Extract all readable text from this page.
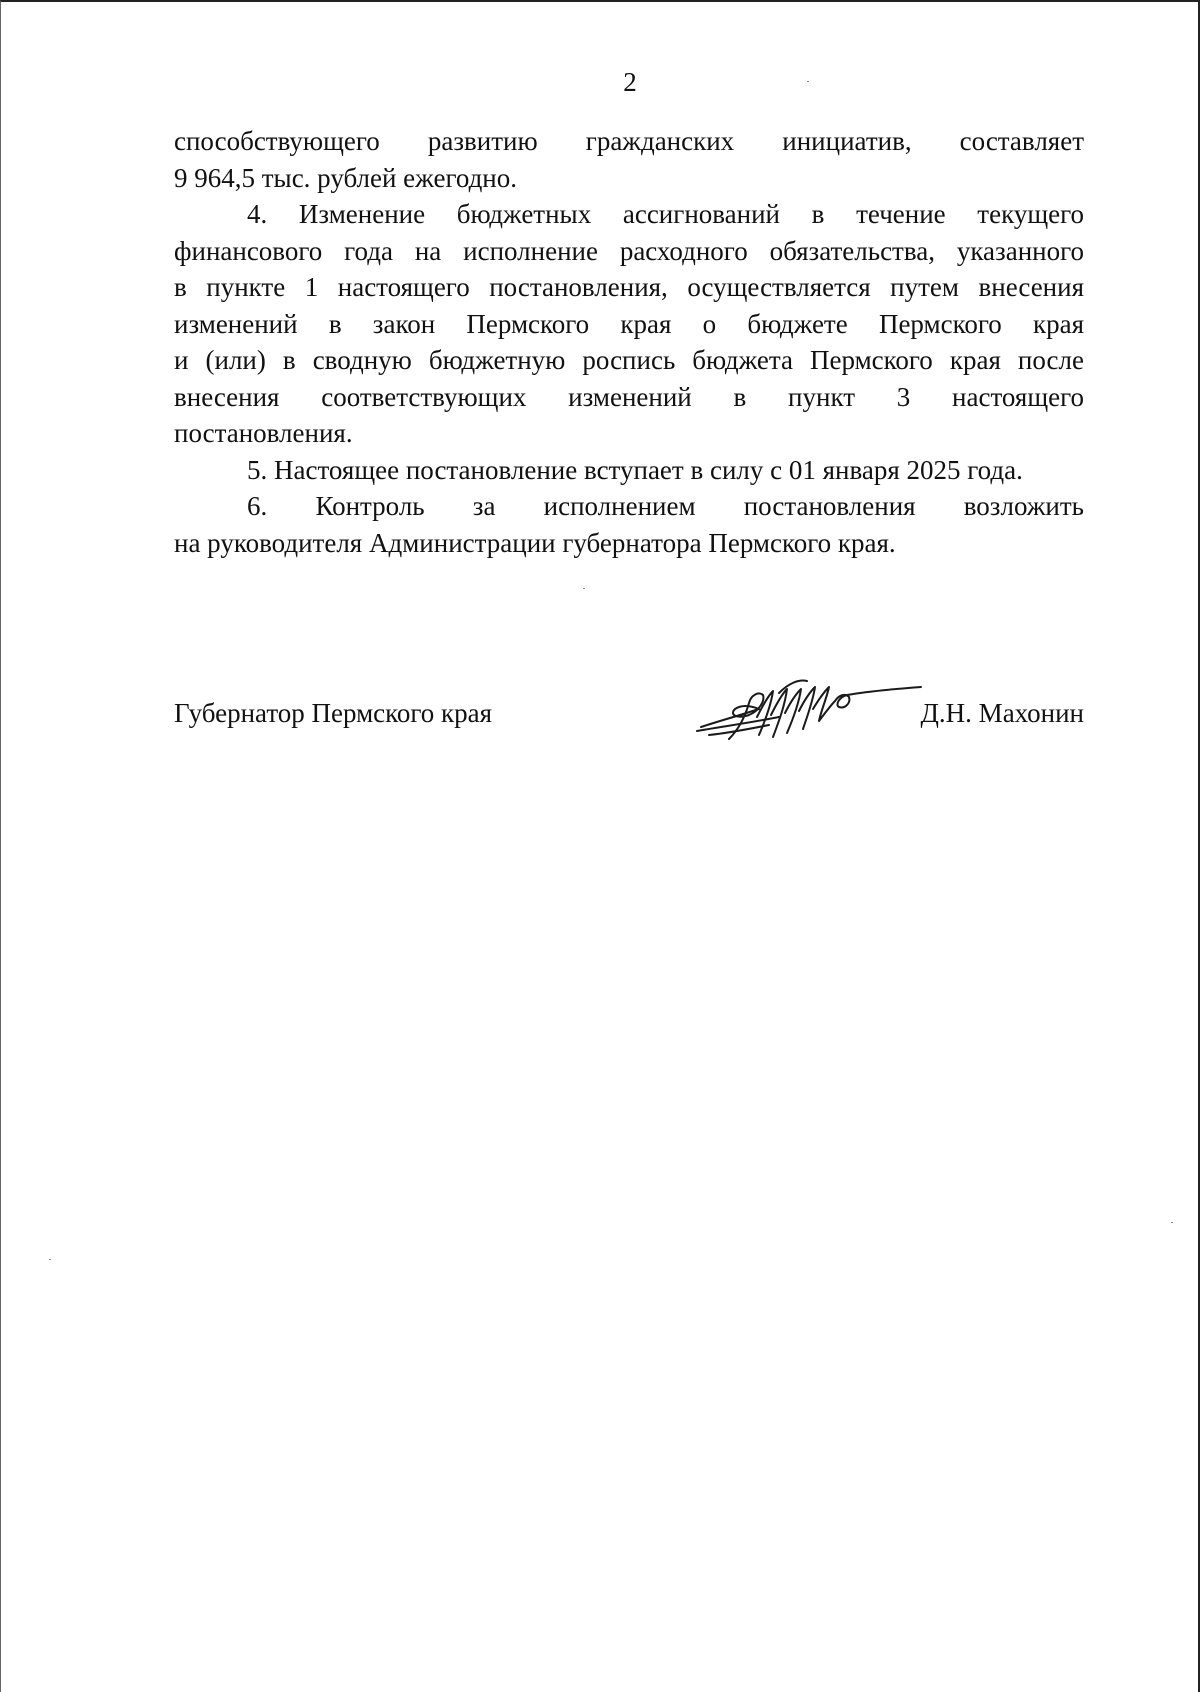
2

способствующего развитию гражданских инициатив, составляет

9 964,5 тыс. рублей ежегодно.

4. Изменение бюджетных ассигнований в течение текущего

финансового года на исполнение расходного обязательства, указанного

в пункте 1 настоящего постановления, осуществляется путем внесения

изменений в закон Пермского края о бюджете Пермского края

и (или) в сводную бюджетную роспись бюджета Пермского края после

внесения соответствующих изменений в пункт 3 настоящего

постановления.

5. Настоящее постановление вступает в силу с 01 января 2025 года.

6. Контроль за исполнением постановления возложить

на руководителя Администрации губернатора Пермского края.

Губернатор Пермского края	Д.Н. Махонин
